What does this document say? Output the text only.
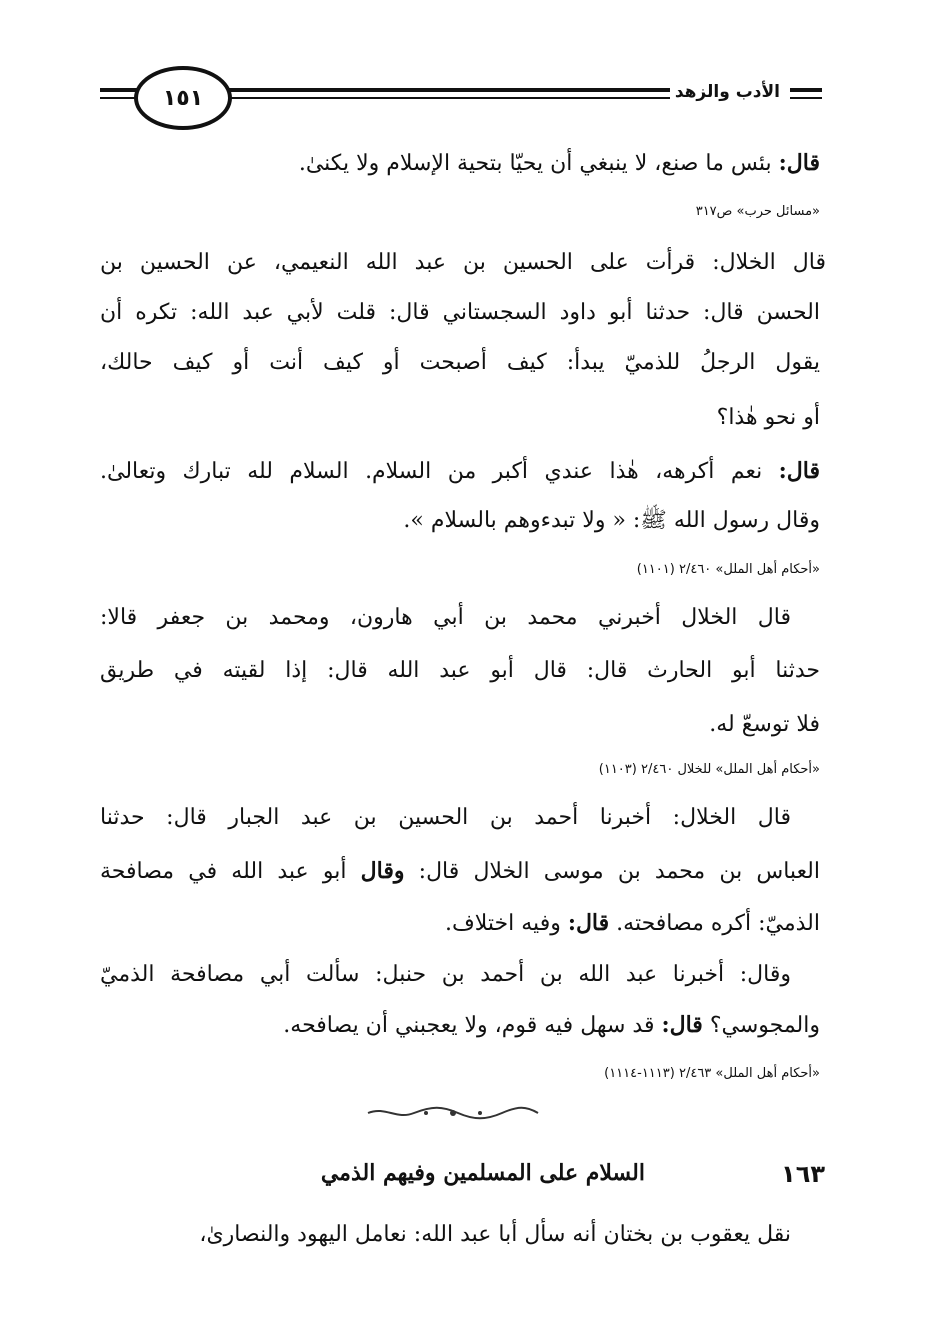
١٥١	الأدب والزهد
قال: بئس ما صنع، لا ينبغي أن يحيّا بتحية الإسلام ولا يكنىٰ.
«مسائل حرب» ص٣١٧
قال الخلال: قرأت على الحسين بن عبد الله النعيمي، عن الحسين بن
الحسن قال: حدثنا أبو داود السجستاني قال: قلت لأبي عبد الله: تكره أن
يقول الرجلُ للذميّ يبدأ: كيف أصبحت أو كيف أنت أو كيف حالك،
أو نحو هٰذا؟
قال: نعم أكرهه، هٰذا عندي أكبر من السلام. السلام لله تبارك وتعالىٰ.
وقال رسول الله ﷺ: « ولا تبدءوهم بالسلام ».
«أحكام أهل الملل» ٢/٤٦٠ (١١٠١)
قال الخلال أخبرني محمد بن أبي هارون، ومحمد بن جعفر قالا:
حدثنا أبو الحارث قال: قال أبو عبد الله قال: إذا لقيته في طريق
فلا توسعّ له.
«أحكام أهل الملل» للخلال ٢/٤٦٠ (١١٠٣)
قال الخلال: أخبرنا أحمد بن الحسين بن عبد الجبار قال: حدثنا
العباس بن محمد بن موسى الخلال قال: وقال أبو عبد الله في مصافحة
الذميّ: أكره مصافحته. قال: وفيه اختلاف.
وقال: أخبرنا عبد الله بن أحمد بن حنبل: سألت أبي مصافحة الذميّ
والمجوسي؟ قال: قد سهل فيه قوم، ولا يعجبني أن يصافحه.
«أحكام أهل الملل» ٢/٤٦٣ (١١١٣-١١١٤)
١٦٣
السلام على المسلمين وفيهم الذمي
نقل يعقوب بن بختان أنه سأل أبا عبد الله: نعامل اليهود والنصارىٰ،
